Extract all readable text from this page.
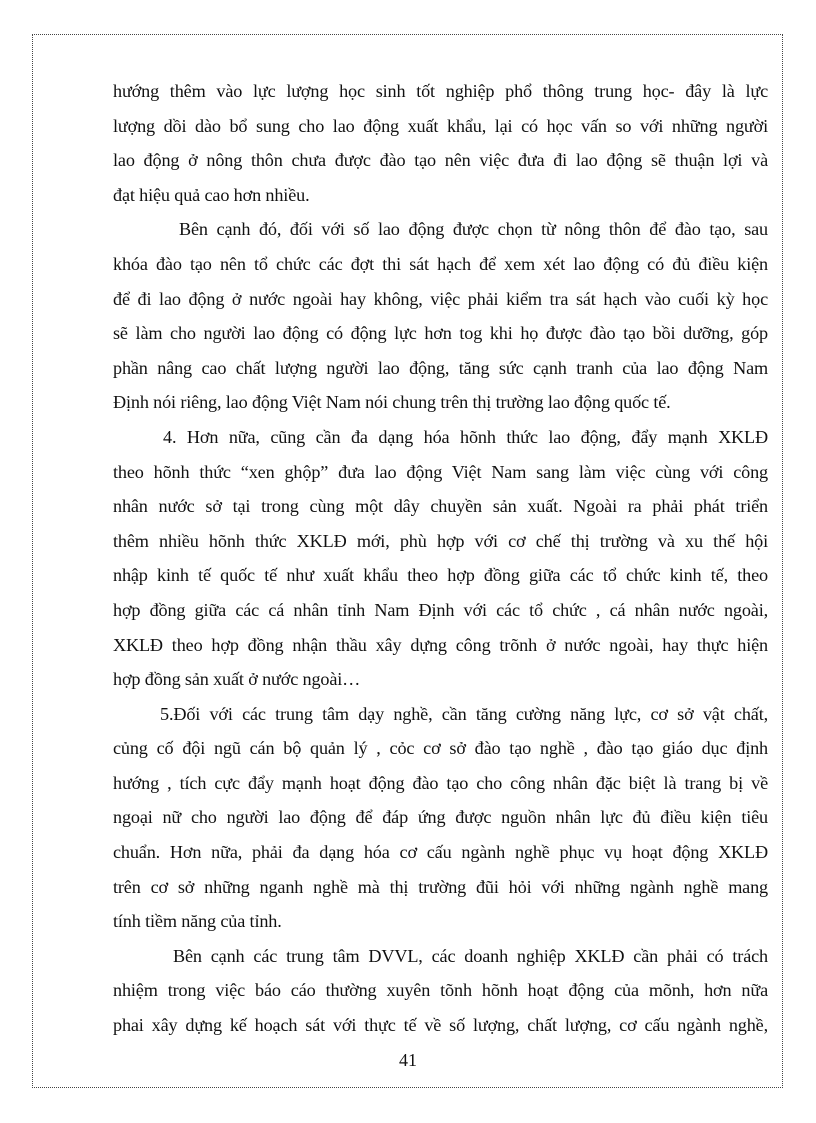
hướng thêm vào lực lượng học sinh tốt nghiệp phổ thông trung học- đây là lực
lượng dồi dào bổ sung cho lao động xuất khẩu, lại có học vấn so với những người
lao động ở nông thôn chưa được đào tạo nên việc đưa đi lao động sẽ thuận lợi và
đạt hiệu quả cao hơn nhiều.
Bên cạnh đó, đối với số lao động được chọn từ nông thôn để đào tạo, sau
khóa đào tạo nên tổ chức các đợt thi sát hạch để xem xét lao động có đủ điều kiện
để đi lao động ở nước ngoài hay không, việc phải kiểm tra sát hạch vào cuối kỳ học
sẽ làm cho người lao động có động lực hơn tog khi họ được đào tạo bồi dưỡng, góp
phần nâng cao chất lượng người lao động, tăng sức cạnh tranh của lao động Nam
Định nói riêng, lao động Việt Nam nói chung trên thị trường lao động quốc tế.
4. Hơn nữa, cũng cần đa dạng hóa hõnh thức lao động, đẩy mạnh XKLĐ
theo hõnh thức “xen ghộp” đưa lao động Việt Nam sang làm việc cùng với công
nhân nước sở tại trong cùng một dây chuyền sản xuất. Ngoài ra phải phát triển
thêm nhiều hõnh thức XKLĐ mới, phù hợp với cơ chế thị trường và xu thế hội
nhập kinh tế quốc tế như xuất khẩu theo hợp đồng giữa các tổ chức kinh tế, theo
hợp đồng giữa các cá nhân tỉnh Nam Định với các tổ chức , cá nhân nước ngoài,
XKLĐ theo hợp đồng nhận thầu xây dựng công trõnh ở nước ngoài, hay thực hiện
hợp đồng sản xuất ở nước ngoài…
5.Đối với các trung tâm dạy nghề, cần tăng cường năng lực, cơ sở vật chất,
củng cố đội ngũ cán bộ quản lý , cỏc cơ sở đào tạo nghề , đào tạo giáo dục định
hướng , tích cực đẩy mạnh hoạt động đào tạo cho công nhân đặc biệt là trang bị về
ngoại nữ cho người lao động để đáp ứng được nguồn nhân lực đủ điều kiện tiêu
chuẩn. Hơn nữa, phải đa dạng hóa cơ cấu ngành nghề phục vụ hoạt động XKLĐ
trên cơ sở những nganh nghề mà thị trường đũi hỏi với những ngành nghề mang
tính tiềm năng của tỉnh.
Bên cạnh các trung tâm DVVL, các doanh nghiệp XKLĐ cần phải có trách
nhiệm trong việc báo cáo thường xuyên tõnh hõnh hoạt động của mõnh, hơn nữa
phai xây dựng kế hoạch sát với thực tế về số lượng, chất lượng, cơ cấu ngành nghề,
41
